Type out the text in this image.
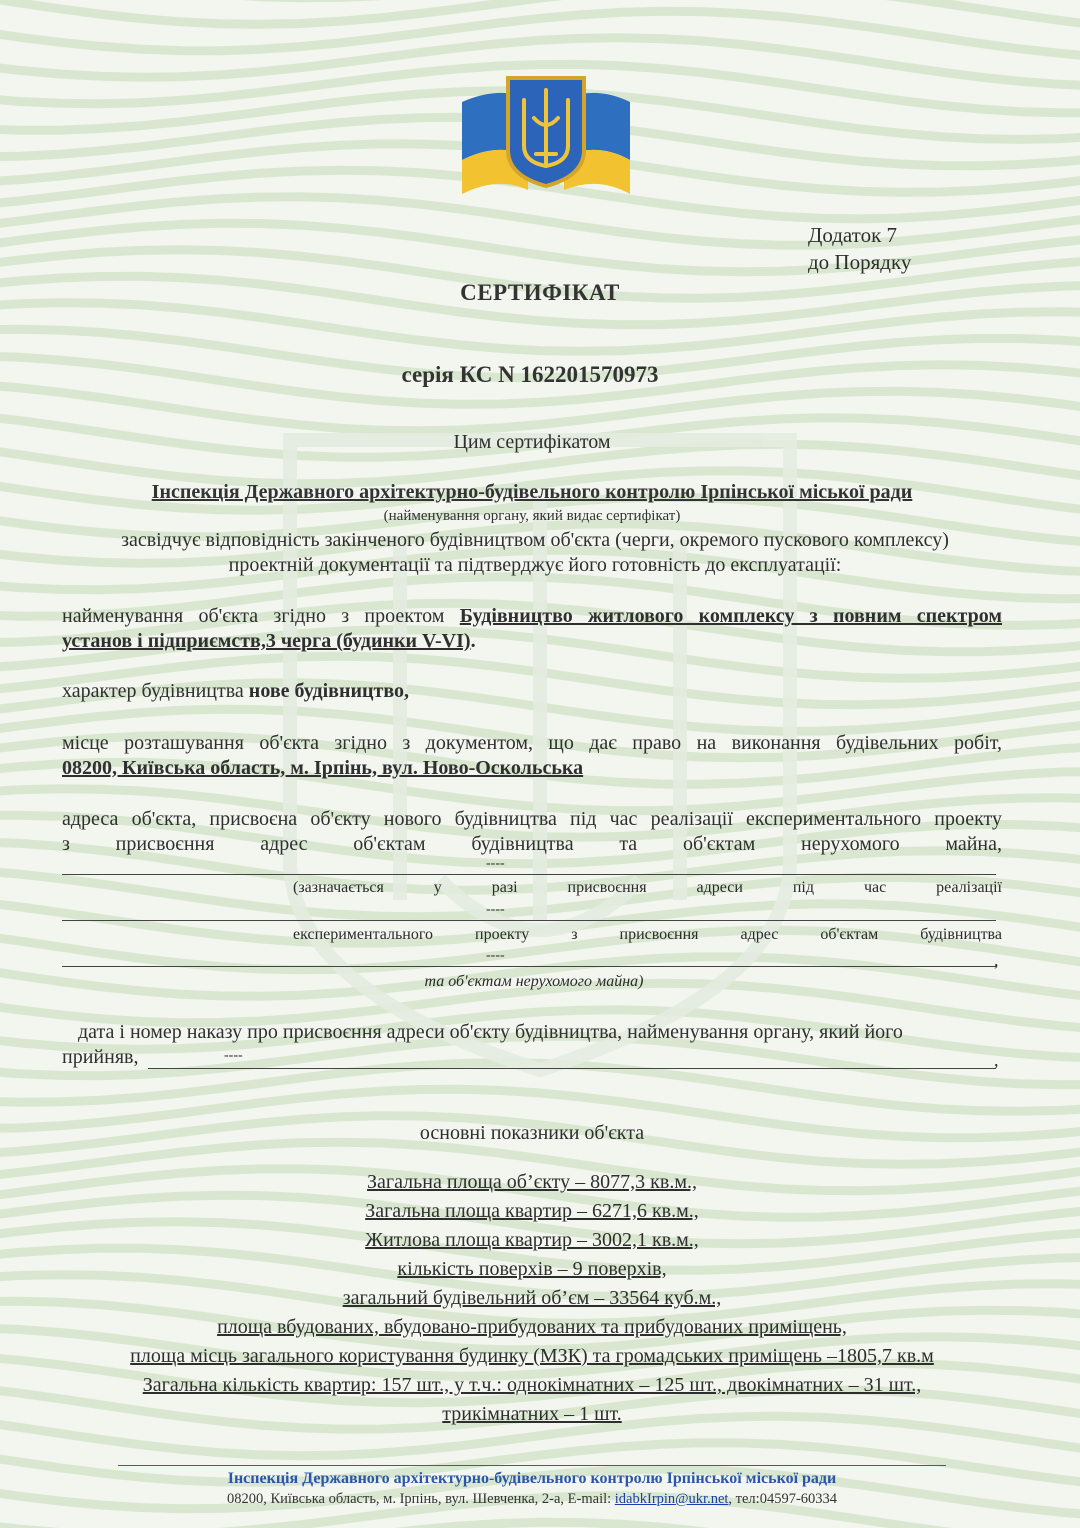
Додаток 7
до Порядку
СЕРТИФІКАТ
серія КС N 162201570973
Цим сертифікатом
Інспекція Державного архітектурно-будівельного контролю Ірпінської міської ради
(найменування органу, який видає сертифікат)
засвідчує відповідність закінченого будівництвом об'єкта (черги, окремого пускового комплексу)
проектній документації та підтверджує його готовність до експлуатації:
найменування об'єкта згідно з проектом Будівництво житлового комплексу з повним спектром
установ і підприємств,3 черга (будинки V-VI).
характер будівництва нове будівництво,
місце розташування об'єкта згідно з документом, що дає право на виконання будівельних робіт,
08200, Київська область, м. Ірпінь, вул. Ново-Оскольська
адреса об'єкта, присвоєна об'єкту нового будівництва під час реалізації експериментального проекту
з присвоєння адрес об'єктам будівництва та об'єктам нерухомого майна,
----
(зазначається у разі присвоєння адреси під час реалізації
----
експериментального проекту з присвоєння адрес об'єктам будівництва
----	,
та об'єктам нерухомого майна)
дата і номер наказу про присвоєння адреси об'єкту будівництва, найменування органу, який його
прийняв,	----	,
основні показники об'єкта
Загальна площа об’єкту – 8077,3 кв.м.,
Загальна площа квартир – 6271,6 кв.м.,
Житлова площа квартир – 3002,1 кв.м.,
кількість поверхів – 9 поверхів,
загальний будівельний об’єм – 33564 куб.м.,
площа вбудованих, вбудовано-прибудованих та прибудованих приміщень,
площа місць загального користування будинку (МЗК) та громадських приміщень –1805,7 кв.м
Загальна кількість квартир: 157 шт., у т.ч.: однокімнатних – 125 шт., двокімнатних – 31 шт.,
трикімнатних – 1 шт.
Інспекція Державного архітектурно-будівельного контролю Ірпінської міської ради
08200, Київська область, м. Ірпінь, вул. Шевченка, 2-а, E-mail: idabkIrpin@ukr.net, тел:04597-60334
